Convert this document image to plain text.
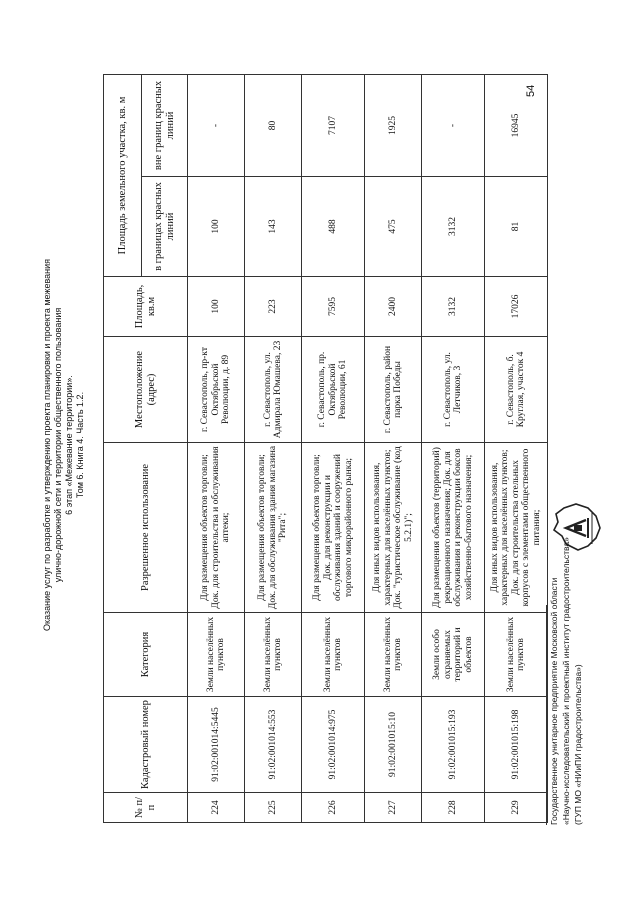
Оказание услуг по разработке и утверждению проекта планировки и проекта межевания улично-дорожной сети и территории общественного пользования 6 этап «Межевание территории». Том 6. Книга 4. Часть 1.2.
54
№ п/п	Кадастровый номер	Категория	Разрешенное использование	Местоположение (адрес)	Площадь, кв.м	Площадь земельного участка, кв. м	
						в границах красных линий	вне границ красных линий
224	91:02:001014:5445	Земли населённых пунктов	Для размещения объектов торговли; Док. для строительства и обслуживания аптеки;	г. Севастополь, пр-кт Октябрьской Революции, д. 89	100	100	-
225	91:02:001014:553	Земли населённых пунктов	Для размещения объектов торговли; Док. для обслуживания здания магазина "Рита";	г. Севастополь, ул. Адмирала Юмашева, 23	223	143	80
226	91:02:001014:975	Земли населённых пунктов	Для размещения объектов торговли; Док. для реконструкции и обслуживания зданий и сооружений торгового микрорайонного рынка;	г. Севастополь, пр. Октябрьской Революции, 61	7595	488	7107
227	91:02:001015:10	Земли населённых пунктов	Для иных видов использования, характерных для населённых пунктов; Док. "туристическое обслуживание (код 5.2.1)";	г. Севастополь, район парка Победы	2400	475	1925
228	91:02:001015:193	Земли особо охраняемых территорий и объектов	Для размещения объектов (территорий) рекреационного назначения; Док. для обслуживания и реконструкции боксов хозяйственно-бытового назначения;	г. Севастополь, ул. Летчиков, 3	3132	3132	-
229	91:02:001015:198	Земли населённых пунктов	Для иных видов использования, характерных для населённых пунктов; Док. для строительства отельных корпусов с элементами общественного питания;	г. Севастополь, б. Круглая, участок 4	17026	81	16945
Государственное унитарное предприятие Московской области «Научно-исследовательский и проектный институт градостроительства» (ГУП МО «НИиПИ градостроительства»)
